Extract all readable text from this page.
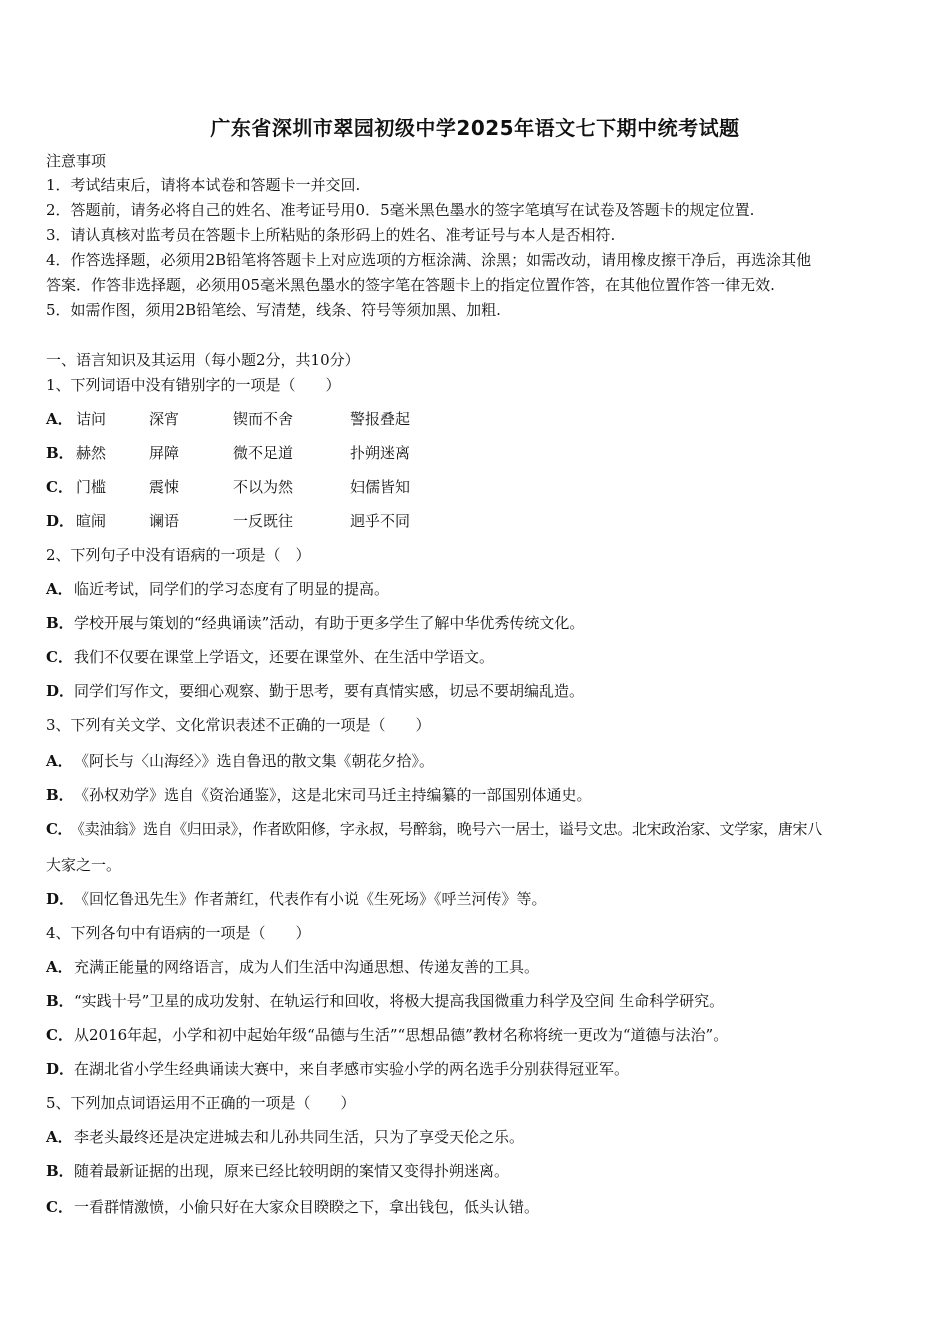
广东省深圳市翠园初级中学2025年语文七下期中统考试题
注意事项
1．考试结束后，请将本试卷和答题卡一并交回.
2．答题前，请务必将自己的姓名、准考证号用0．5毫米黑色墨水的签字笔填写在试卷及答题卡的规定位置.
3．请认真核对监考员在答题卡上所粘贴的条形码上的姓名、准考证号与本人是否相符.
4．作答选择题，必须用2B铅笔将答题卡上对应选项的方框涂满、涂黑；如需改动，请用橡皮擦干净后，再选涂其他
答案．作答非选择题，必须用05毫米黑色墨水的签字笔在答题卡上的指定位置作答，在其他位置作答一律无效.
5．如需作图，须用2B铅笔绘、写清楚，线条、符号等须加黑、加粗.
一、语言知识及其运用（每小题2分，共10分）
1、下列词语中没有错别字的一项是（　　）
A． 诘问	深宵	锲而不舍	警报叠起
B． 赫然	屏障	微不足道	扑朔迷离
C． 门槛	震悚	不以为然	妇儒皆知
D． 暄闹	谰语	一反既往	迥乎不同
2、下列句子中没有语病的一项是（　）
A．临近考试，同学们的学习态度有了明显的提高。
B．学校开展与策划的“经典诵读”活动，有助于更多学生了解中华优秀传统文化。
C．我们不仅要在课堂上学语文，还要在课堂外、在生活中学语文。
D．同学们写作文，要细心观察、勤于思考，要有真情实感，切忌不要胡编乱造。
3、下列有关文学、文化常识表述不正确的一项是（　　）
A．《阿长与〈山海经〉》选自鲁迅的散文集《朝花夕拾》。
B．《孙权劝学》选自《资治通鉴》，这是北宋司马迁主持编纂的一部国别体通史。
C．《卖油翁》选自《归田录》，作者欧阳修，字永叔，号醉翁，晚号六一居士，谥号文忠。北宋政治家、文学家，唐宋八
大家之一。
D．《回忆鲁迅先生》作者萧红，代表作有小说《生死场》《呼兰河传》等。
4、下列各句中有语病的一项是（　　）
A．充满正能量的网络语言，成为人们生活中沟通思想、传递友善的工具。
B．“实践十号”卫星的成功发射、在轨运行和回收，将极大提高我国微重力科学及空间 生命科学研究。
C．从2016年起，小学和初中起始年级“品德与生活”“思想品德”教材名称将统一更改为“道德与法治”。
D．在湖北省小学生经典诵读大赛中，来自孝感市实验小学的两名选手分别获得冠亚军。
5、下列加点词语运用不正确的一项是（　　）
A．李老头最终还是决定进城去和儿孙共同生活，只为了享受天伦之乐。
B．随着最新证据的出现，原来已经比较明朗的案情又变得扑朔迷离。
C．一看群情激愤，小偷只好在大家众目睽睽之下，拿出钱包，低头认错。
